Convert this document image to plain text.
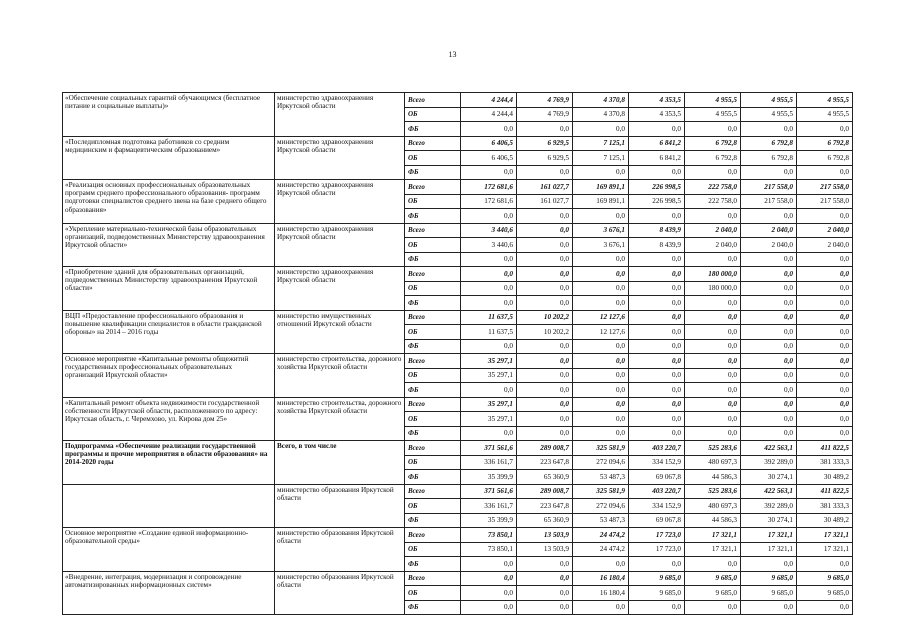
13
«Обеспечение социальных гарантий обучающимся (бесплатное питание и социальные выплаты)»	министерство здравоохранения Иркутской области	Всего	4 244,4	4 769,9	4 370,8	4 353,5	4 955,5	4 955,5	4 955,5
		ОБ	4 244,4	4 769,9	4 370,8	4 353,5	4 955,5	4 955,5	4 955,5
		ФБ	0,0	0,0	0,0	0,0	0,0	0,0	0,0
«Последипломная подготовка работников со средним медицинским и фармацевтическим образованием»	министерство здравоохранения Иркутской области	Всего	6 406,5	6 929,5	7 125,1	6 841,2	6 792,8	6 792,8	6 792,8
		ОБ	6 406,5	6 929,5	7 125,1	6 841,2	6 792,8	6 792,8	6 792,8
		ФБ	0,0	0,0	0,0	0,0	0,0	0,0	0,0
«Реализация основных профессиональных образовательных программ среднего профессионального образования- программ подготовки специалистов среднего звена на базе среднего общего образования»	министерство здравоохранения Иркутской области	Всего	172 681,6	161 027,7	169 891,1	226 998,5	222 758,0	217 558,0	217 558,0
		ОБ	172 681,6	161 027,7	169 891,1	226 998,5	222 758,0	217 558,0	217 558,0
		ФБ	0,0	0,0	0,0	0,0	0,0	0,0	0,0
«Укрепление материально-технической базы образовательных организаций, подведомственных Министерству здравоохранения Иркутской области»	министерство здравоохранения Иркутской области	Всего	3 440,6	0,0	3 676,1	8 439,9	2 040,0	2 040,0	2 040,0
		ОБ	3 440,6	0,0	3 676,1	8 439,9	2 040,0	2 040,0	2 040,0
		ФБ	0,0	0,0	0,0	0,0	0,0	0,0	0,0
«Приобретение зданий для образовательных организаций, подведомственных Министерству здравоохранения Иркутской области»	министерство здравоохранения Иркутской области	Всего	0,0	0,0	0,0	0,0	180 000,0	0,0	0,0
		ОБ	0,0	0,0	0,0	0,0	180 000,0	0,0	0,0
		ФБ	0,0	0,0	0,0	0,0	0,0	0,0	0,0
ВЦП «Предоставление профессионального образования и повышение квалификации специалистов в области гражданской обороны» на 2014 – 2016 годы	министерство имущественных отношений Иркутской области	Всего	11 637,5	10 202,2	12 127,6	0,0	0,0	0,0	0,0
		ОБ	11 637,5	10 202,2	12 127,6	0,0	0,0	0,0	0,0
		ФБ	0,0	0,0	0,0	0,0	0,0	0,0	0,0
Основное мероприятие «Капитальные ремонты общежитий государственных профессиональных образовательных организаций Иркутской области»	министерство строительства, дорожного хозяйства Иркутской области	Всего	35 297,1	0,0	0,0	0,0	0,0	0,0	0,0
		ОБ	35 297,1	0,0	0,0	0,0	0,0	0,0	0,0
		ФБ	0,0	0,0	0,0	0,0	0,0	0,0	0,0
«Капитальный ремонт объекта недвижимости государственной собственности Иркутской области, расположенного по адресу: Иркутская область, г. Черемхово, ул. Кирова дом 25»	министерство строительства, дорожного хозяйства Иркутской области	Всего	35 297,1	0,0	0,0	0,0	0,0	0,0	0,0
		ОБ	35 297,1	0,0	0,0	0,0	0,0	0,0	0,0
		ФБ	0,0	0,0	0,0	0,0	0,0	0,0	0,0
Подпрограмма «Обеспечение реализации государственной программы и прочие мероприятия в области образования» на 2014-2020 годы	Всего, в том числе	Всего	371 561,6	289 008,7	325 581,9	403 220,7	525 283,6	422 563,1	411 822,5
		ОБ	336 161,7	223 647,8	272 094,6	334 152,9	480 697,3	392 289,0	381 333,3
		ФБ	35 399,9	65 360,9	53 487,3	69 067,8	44 586,3	30 274,1	30 489,2
	министерство образования Иркутской области	Всего	371 561,6	289 008,7	325 581,9	403 220,7	525 283,6	422 563,1	411 822,5
		ОБ	336 161,7	223 647,8	272 094,6	334 152,9	480 697,3	392 289,0	381 333,3
		ФБ	35 399,9	65 360,9	53 487,3	69 067,8	44 586,3	30 274,1	30 489,2
Основное мероприятие «Создание единой информационно-образовательной среды»	министерство образования Иркутской области	Всего	73 850,1	13 503,9	24 474,2	17 723,0	17 321,1	17 321,1	17 321,1
		ОБ	73 850,1	13 503,9	24 474,2	17 723,0	17 321,1	17 321,1	17 321,1
		ФБ	0,0	0,0	0,0	0,0	0,0	0,0	0,0
«Внедрение, интеграция, модернизация и сопровождение автоматизированных информационных систем»	министерство образования Иркутской области	Всего	0,0	0,0	16 180,4	9 685,0	9 685,0	9 685,0	9 685,0
		ОБ	0,0	0,0	16 180,4	9 685,0	9 685,0	9 685,0	9 685,0
		ФБ	0,0	0,0	0,0	0,0	0,0	0,0	0,0
